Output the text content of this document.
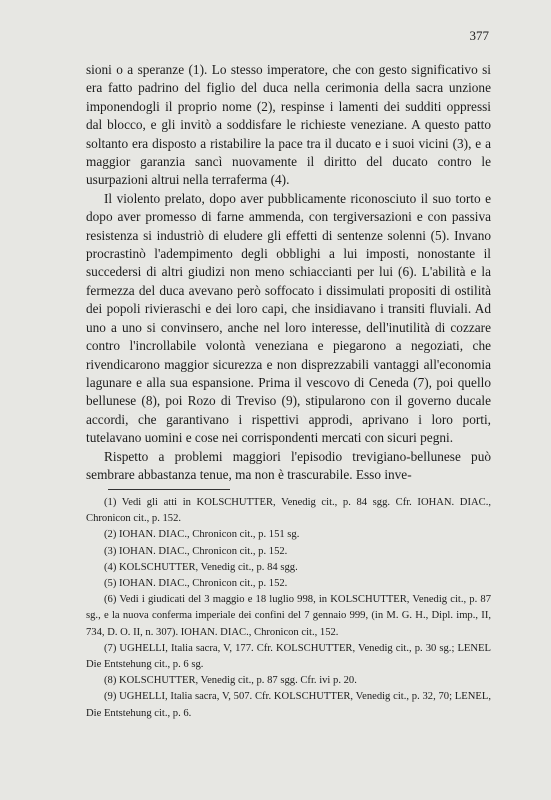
377

sioni o a speranze (1). Lo stesso imperatore, che con gesto significativo si era fatto padrino del figlio del duca nella cerimonia della sacra unzione imponendogli il proprio nome (2), respinse i lamenti dei sudditi oppressi dal blocco, e gli invitò a soddisfare le richieste veneziane. A questo patto soltanto era disposto a ristabilire la pace tra il ducato e i suoi vicini (3), e a maggior garanzia sancì nuovamente il diritto del ducato contro le usurpazioni altrui nella terraferma (4).

Il violento prelato, dopo aver pubblicamente riconosciuto il suo torto e dopo aver promesso di farne ammenda, con tergiversazioni e con passiva resistenza si industriò di eludere gli effetti di sentenze solenni (5). Invano procrastinò l'adempimento degli obblighi a lui imposti, nonostante il succedersi di altri giudizi non meno schiaccianti per lui (6). L'abilità e la fermezza del duca avevano però soffocato i dissimulati propositi di ostilità dei popoli rivieraschi e dei loro capi, che insidiavano i transiti fluviali. Ad uno a uno si convinsero, anche nel loro interesse, dell'inutilità di cozzare contro l'incrollabile volontà veneziana e piegarono a negoziati, che rivendicarono maggior sicurezza e non disprezzabili vantaggi all'economia lagunare e alla sua espansione. Prima il vescovo di Ceneda (7), poi quello bellunese (8), poi Rozo di Treviso (9), stipularono con il governo ducale accordi, che garantivano i rispettivi approdi, aprivano i loro porti, tutelavano uomini e cose nei corrispondenti mercati con sicuri pegni.

Rispetto a problemi maggiori l'episodio trevigiano-bellunese può sembrare abbastanza tenue, ma non è trascurabile. Esso inve-

(1) Vedi gli atti in KOLSCHUTTER, Venedig cit., p. 84 sgg. Cfr. IOHAN. DIAC., Chronicon cit., p. 152.

(2) IOHAN. DIAC., Chronicon cit., p. 151 sg.

(3) IOHAN. DIAC., Chronicon cit., p. 152.

(4) KOLSCHUTTER, Venedig cit., p. 84 sgg.

(5) IOHAN. DIAC., Chronicon cit., p. 152.

(6) Vedi i giudicati del 3 maggio e 18 luglio 998, in KOLSCHUTTER, Venedig cit., p. 87 sg., e la nuova conferma imperiale dei confini del 7 gennaio 999, (in M. G. H., Dipl. imp., II, 734, D. O. II, n. 307). IOHAN. DIAC., Chronicon cit., 152.

(7) UGHELLI, Italia sacra, V, 177. Cfr. KOLSCHUTTER, Venedig cit., p. 30 sg.; LENEL Die Entstehung cit., p. 6 sg.

(8) KOLSCHUTTER, Venedig cit., p. 87 sgg. Cfr. ivi p. 20.

(9) UGHELLI, Italia sacra, V, 507. Cfr. KOLSCHUTTER, Venedig cit., p. 32, 70; LENEL, Die Entstehung cit., p. 6.
